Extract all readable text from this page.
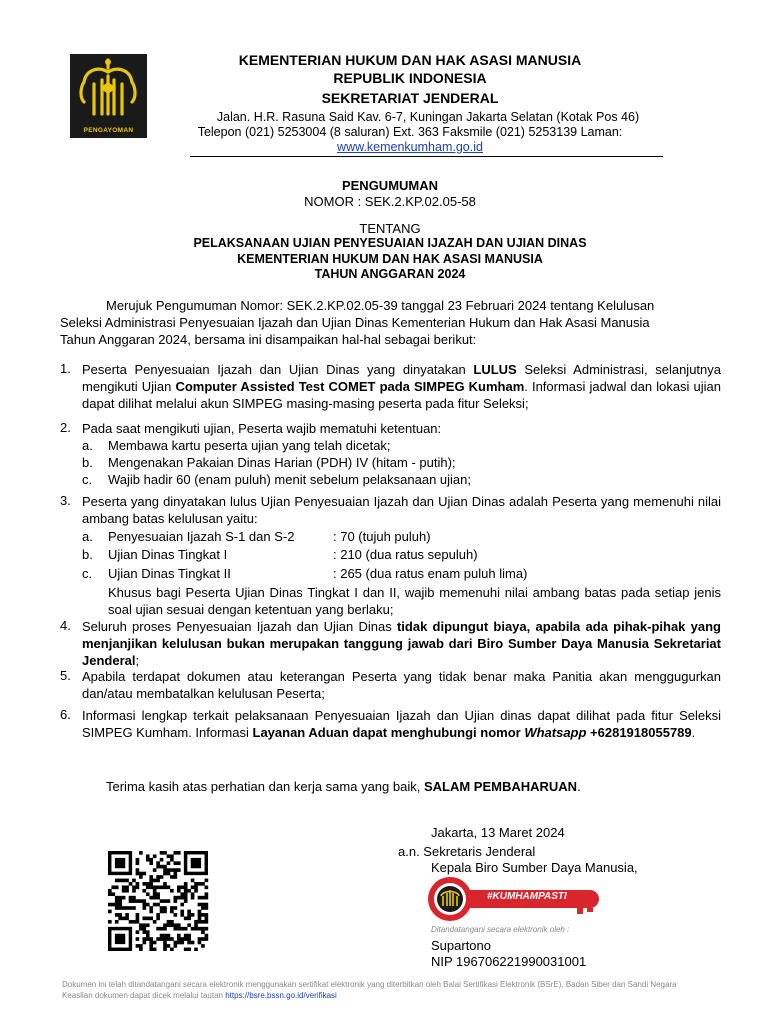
PENGAYOMAN
KEMENTERIAN HUKUM DAN HAK ASASI MANUSIA
REPUBLIK INDONESIA
SEKRETARIAT JENDERAL
Jalan. H.R. Rasuna Said Kav. 6-7, Kuningan Jakarta Selatan (Kotak Pos 46)
Telepon (021) 5253004 (8 saluran) Ext. 363 Faksmile (021) 5253139 Laman:
www.kemenkumham.go.id
PENGUMUMAN
NOMOR : SEK.2.KP.02.05-58
TENTANG
PELAKSANAAN UJIAN PENYESUAIAN IJAZAH DAN UJIAN DINAS
KEMENTERIAN HUKUM DAN HAK ASASI MANUSIA
TAHUN ANGGARAN 2024
Merujuk Pengumuman Nomor: SEK.2.KP.02.05-39 tanggal 23 Februari 2024 tentang Kelulusan
Seleksi Administrasi Penyesuaian Ijazah dan Ujian Dinas Kementerian Hukum dan Hak Asasi Manusia
Tahun Anggaran 2024, bersama ini disampaikan hal-hal sebagai berikut:
1. Peserta Penyesuaian Ijazah dan Ujian Dinas yang dinyatakan LULUS Seleksi Administrasi, selanjutnya mengikuti Ujian Computer Assisted Test COMET pada SIMPEG Kumham. Informasi jadwal dan lokasi ujian dapat dilihat melalui akun SIMPEG masing-masing peserta pada fitur Seleksi;
2. Pada saat mengikuti ujian, Peserta wajib mematuhi ketentuan:
a. Membawa kartu peserta ujian yang telah dicetak;
b. Mengenakan Pakaian Dinas Harian (PDH) IV (hitam - putih);
c. Wajib hadir 60 (enam puluh) menit sebelum pelaksanaan ujian;
3. Peserta yang dinyatakan lulus Ujian Penyesuaian Ijazah dan Ujian Dinas adalah Peserta yang memenuhi nilai ambang batas kelulusan yaitu:
a. Penyesuaian Ijazah S-1 dan S-2	: 70 (tujuh puluh)
b. Ujian Dinas Tingkat I	: 210 (dua ratus sepuluh)
c. Ujian Dinas Tingkat II	: 265 (dua ratus enam puluh lima)
Khusus bagi Peserta Ujian Dinas Tingkat I dan II, wajib memenuhi nilai ambang batas pada setiap jenis soal ujian sesuai dengan ketentuan yang berlaku;
4. Seluruh proses Penyesuaian Ijazah dan Ujian Dinas tidak dipungut biaya, apabila ada pihak-pihak yang menjanjikan kelulusan bukan merupakan tanggung jawab dari Biro Sumber Daya Manusia Sekretariat Jenderal;
5. Apabila terdapat dokumen atau keterangan Peserta yang tidak benar maka Panitia akan menggugurkan dan/atau membatalkan kelulusan Peserta;
6. Informasi lengkap terkait pelaksanaan Penyesuaian Ijazah dan Ujian dinas dapat dilihat pada fitur Seleksi SIMPEG Kumham. Informasi Layanan Aduan dapat menghubungi nomor Whatsapp +6281918055789.
Terima kasih atas perhatian dan kerja sama yang baik, SALAM PEMBAHARUAN.
Jakarta, 13 Maret 2024
a.n. Sekretaris Jenderal
Kepala Biro Sumber Daya Manusia,
#KUMHAMPASTI
Ditandatangani secara elektronik oleh :
Supartono
NIP 196706221990031001
Dokumen ini telah ditandatangani secara elektronik menggunakan sertifikat elektronik yang diterbitkan oleh Balai Sertifikasi Elektronik (BSrE), Badan Siber dan Sandi Negara
Keaslian dokumen dapat dicek melalui tautan https://bsre.bssn.go.id/verifikasi
